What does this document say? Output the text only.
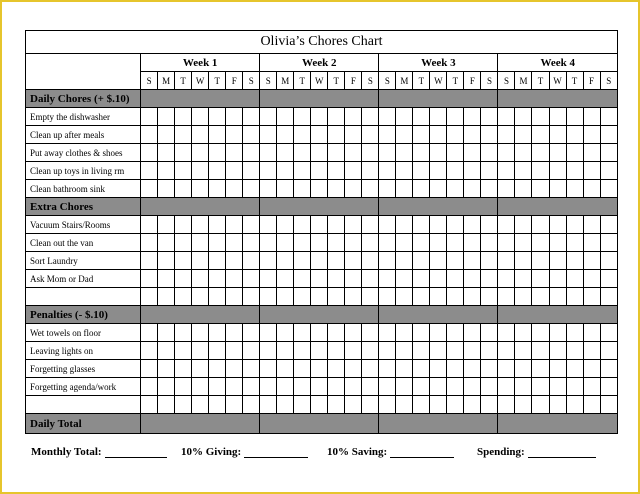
Olivia’s Chores Chart																												
	Week 1							Week 2							Week 3							Week 4						
	S	M	T	W	T	F	S	S	M	T	W	T	F	S	S	M	T	W	T	F	S	S	M	T	W	T	F	S
Daily Chores (+ $.10)																												
Empty the dishwasher																												
Clean up after meals																												
Put away clothes & shoes																												
Clean up toys in living rm																												
Clean bathroom sink																												
Extra Chores																												
Vacuum Stairs/Rooms																												
Clean out the van																												
Sort Laundry																												
Ask Mom or Dad																												

Penalties (- $.10)																												
Wet towels on floor																												
Leaving lights on																												
Forgetting glasses																												
Forgetting agenda/work																												

Daily Total																												
Monthly Total:	10% Giving:	10% Saving:	Spending:
